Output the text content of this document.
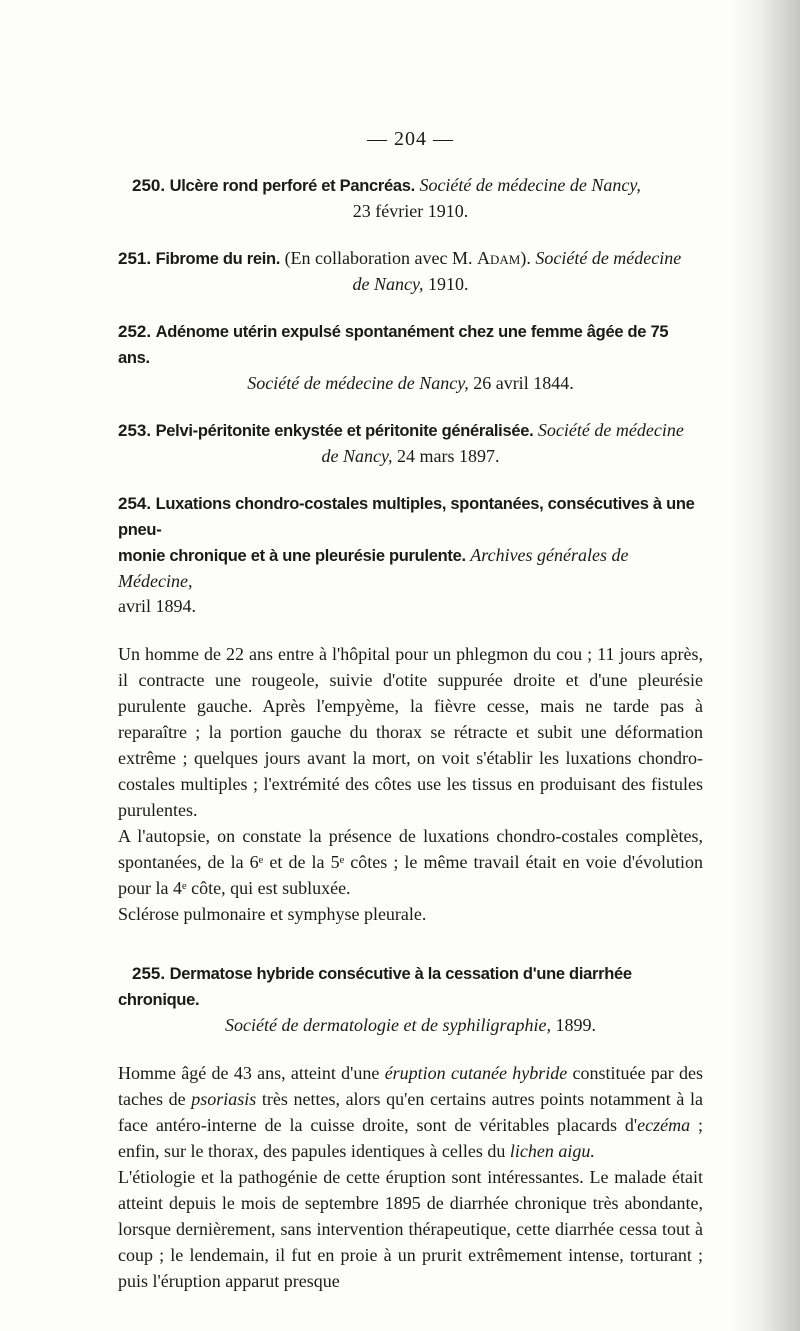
— 204 —
250. Ulcère rond perforé et Pancréas. Société de médecine de Nancy,
23 février 1910.
251. Fibrome du rein. (En collaboration avec M. Adam). Société de médecine
de Nancy, 1910.
252. Adénome utérin expulsé spontanément chez une femme âgée de 75 ans.
Société de médecine de Nancy, 26 avril 1844.
253. Pelvi-péritonite enkystée et péritonite généralisée. Société de médecine
de Nancy, 24 mars 1897.
254. Luxations chondro-costales multiples, spontanées, consécutives à une pneu-
monie chronique et à une pleurésie purulente. Archives générales de Médecine,
avril 1894.

Un homme de 22 ans entre à l'hôpital pour un phlegmon du cou ; 11 jours après, il contracte une rougeole, suivie d'otite suppurée droite et d'une pleurésie purulente gauche. Après l'empyème, la fièvre cesse, mais ne tarde pas à reparaître ; la portion gauche du thorax se rétracte et subit une déformation extrême ; quelques jours avant la mort, on voit s'établir les luxations chondro-costales multiples ; l'extrémité des côtes use les tissus en produisant des fistules purulentes.

A l'autopsie, on constate la présence de luxations chondro-costales complètes, spontanées, de la 6ᵉ et de la 5ᵉ côtes ; le même travail était en voie d'évolution pour la 4ᵉ côte, qui est subluxée.

Sclérose pulmonaire et symphyse pleurale.

255. Dermatose hybride consécutive à la cessation d'une diarrhée chronique.
Société de dermatologie et de syphiligraphie, 1899.

Homme âgé de 43 ans, atteint d'une éruption cutanée hybride constituée par des taches de psoriasis très nettes, alors qu'en certains autres points notamment à la face antéro-interne de la cuisse droite, sont de véritables placards d'eczéma ; enfin, sur le thorax, des papules identiques à celles du lichen aigu.

L'étiologie et la pathogénie de cette éruption sont intéressantes. Le malade était atteint depuis le mois de septembre 1895 de diarrhée chronique très abondante, lorsque dernièrement, sans intervention thérapeutique, cette diarrhée cessa tout à coup ; le lendemain, il fut en proie à un prurit extrêmement intense, torturant ; puis l'éruption apparut presque
